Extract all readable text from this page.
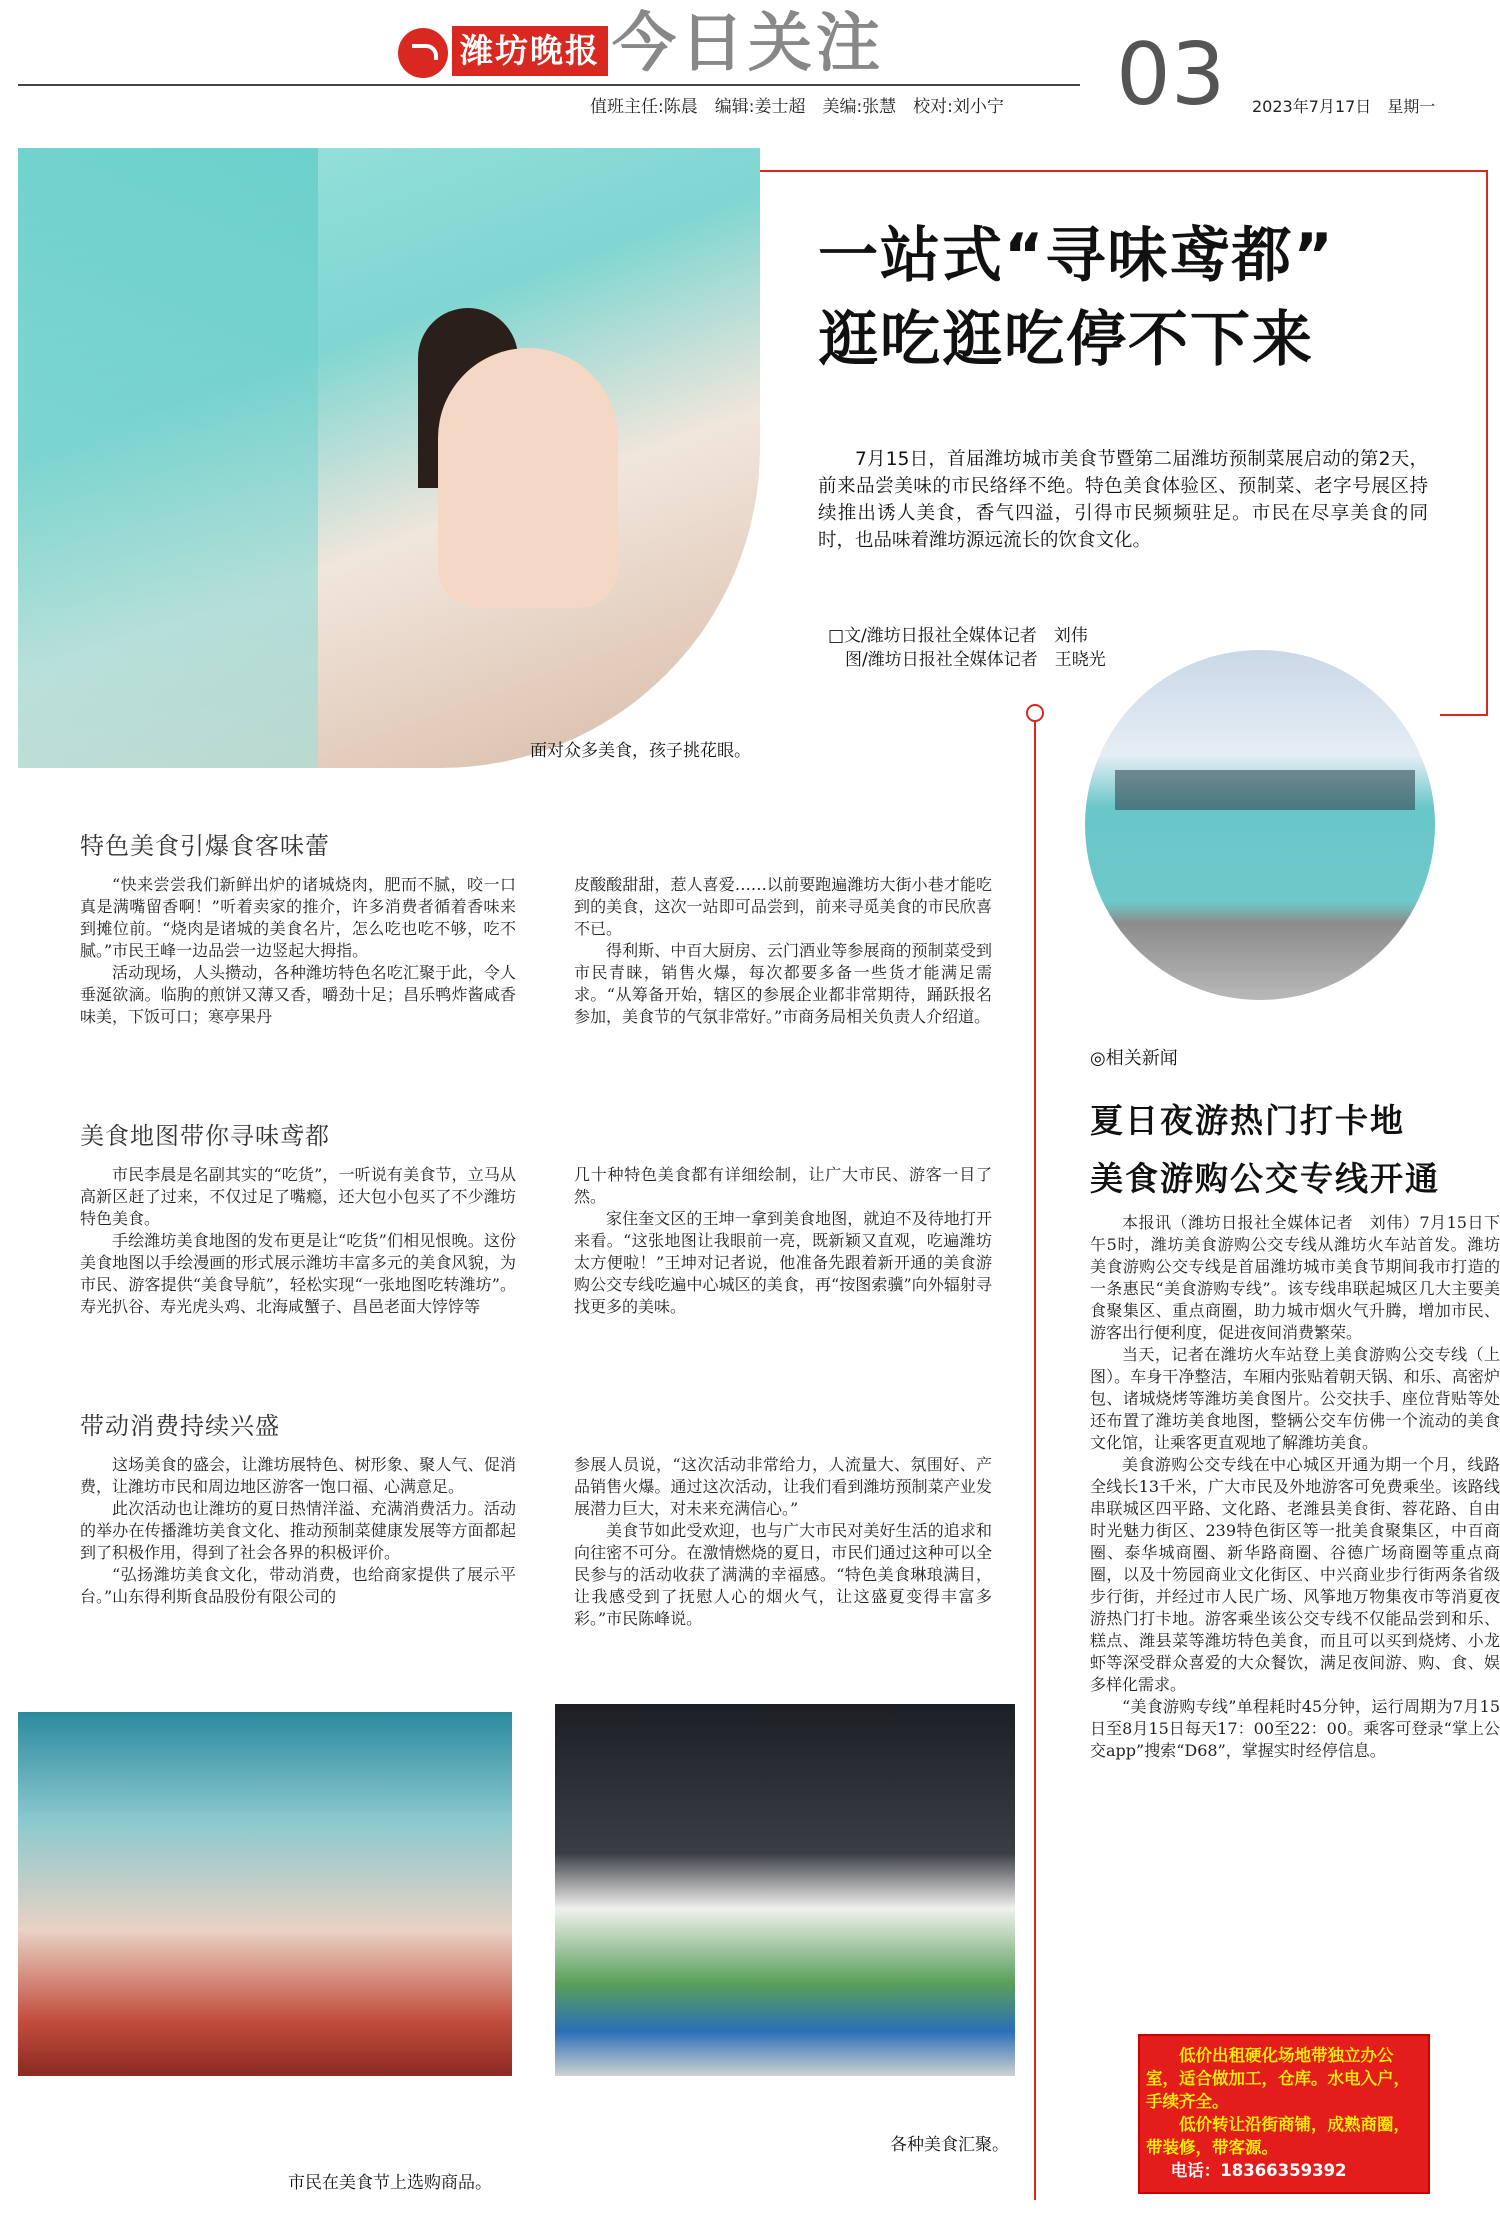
潍坊晚报 今日关注	03
值班主任:陈晨　编辑:姜士超　美编:张慧　校对:刘小宁	2023年7月17日　星期一
面对众多美食，孩子挑花眼。
一站式“寻味鸢都”
逛吃逛吃停不下来
7月15日，首届潍坊城市美食节暨第二届潍坊预制菜展启动的第2天，前来品尝美味的市民络绎不绝。特色美食体验区、预制菜、老字号展区持续推出诱人美食，香气四溢，引得市民频频驻足。市民在尽享美食的同时，也品味着潍坊源远流长的饮食文化。
□文/潍坊日报社全媒体记者　刘伟
　图/潍坊日报社全媒体记者　王晓光
特色美食引爆食客味蕾

“快来尝尝我们新鲜出炉的诸城烧肉，肥而不腻，咬一口真是满嘴留香啊！”听着卖家的推介，许多消费者循着香味来到摊位前。“烧肉是诸城的美食名片，怎么吃也吃不够，吃不腻。”市民王峰一边品尝一边竖起大拇指。

活动现场，人头攒动，各种潍坊特色名吃汇聚于此，令人垂涎欲滴。临朐的煎饼又薄又香，嚼劲十足；昌乐鸭炸酱咸香味美，下饭可口；寒亭果丹

皮酸酸甜甜，惹人喜爱……以前要跑遍潍坊大街小巷才能吃到的美食，这次一站即可品尝到，前来寻觅美食的市民欣喜不已。

得利斯、中百大厨房、云门酒业等参展商的预制菜受到市民青睐，销售火爆，每次都要多备一些货才能满足需求。“从筹备开始，辖区的参展企业都非常期待，踊跃报名参加，美食节的气氛非常好。”市商务局相关负责人介绍道。

美食地图带你寻味鸢都

市民李晨是名副其实的“吃货”，一听说有美食节，立马从高新区赶了过来，不仅过足了嘴瘾，还大包小包买了不少潍坊特色美食。

手绘潍坊美食地图的发布更是让“吃货”们相见恨晚。这份美食地图以手绘漫画的形式展示潍坊丰富多元的美食风貌，为市民、游客提供“美食导航”，轻松实现“一张地图吃转潍坊”。寿光扒谷、寿光虎头鸡、北海咸蟹子、昌邑老面大饽饽等

几十种特色美食都有详细绘制，让广大市民、游客一目了然。

家住奎文区的王坤一拿到美食地图，就迫不及待地打开来看。“这张地图让我眼前一亮，既新颖又直观，吃遍潍坊太方便啦！”王坤对记者说，他准备先跟着新开通的美食游购公交专线吃遍中心城区的美食，再“按图索骥”向外辐射寻找更多的美味。

带动消费持续兴盛

这场美食的盛会，让潍坊展特色、树形象、聚人气、促消费，让潍坊市民和周边地区游客一饱口福、心满意足。

此次活动也让潍坊的夏日热情洋溢、充满消费活力。活动的举办在传播潍坊美食文化、推动预制菜健康发展等方面都起到了积极作用，得到了社会各界的积极评价。

“弘扬潍坊美食文化，带动消费，也给商家提供了展示平台。”山东得利斯食品股份有限公司的

参展人员说，“这次活动非常给力，人流量大、氛围好、产品销售火爆。通过这次活动，让我们看到潍坊预制菜产业发展潜力巨大，对未来充满信心。”

美食节如此受欢迎，也与广大市民对美好生活的追求和向往密不可分。在激情燃烧的夏日，市民们通过这种可以全民参与的活动收获了满满的幸福感。“特色美食琳琅满目，让我感受到了抚慰人心的烟火气，让这盛夏变得丰富多彩。”市民陈峰说。

市民在美食节上选购商品。
各种美食汇聚。
◎相关新闻
夏日夜游热门打卡地
美食游购公交专线开通

本报讯（潍坊日报社全媒体记者　刘伟）7月15日下午5时，潍坊美食游购公交专线从潍坊火车站首发。潍坊美食游购公交专线是首届潍坊城市美食节期间我市打造的一条惠民“美食游购专线”。该专线串联起城区几大主要美食聚集区、重点商圈，助力城市烟火气升腾，增加市民、游客出行便利度，促进夜间消费繁荣。

当天，记者在潍坊火车站登上美食游购公交专线（上图）。车身干净整洁，车厢内张贴着朝天锅、和乐、高密炉包、诸城烧烤等潍坊美食图片。公交扶手、座位背贴等处还布置了潍坊美食地图，整辆公交车仿佛一个流动的美食文化馆，让乘客更直观地了解潍坊美食。

美食游购公交专线在中心城区开通为期一个月，线路全线长13千米，广大市民及外地游客可免费乘坐。该路线串联城区四平路、文化路、老潍县美食街、蓉花路、自由时光魅力街区、239特色街区等一批美食聚集区，中百商圈、泰华城商圈、新华路商圈、谷德广场商圈等重点商圈，以及十笏园商业文化街区、中兴商业步行街两条省级步行街，并经过市人民广场、风筝地万物集夜市等消夏夜游热门打卡地。游客乘坐该公交专线不仅能品尝到和乐、糕点、潍县菜等潍坊特色美食，而且可以买到烧烤、小龙虾等深受群众喜爱的大众餐饮，满足夜间游、购、食、娱多样化需求。

“美食游购专线”单程耗时45分钟，运行周期为7月15日至8月15日每天17：00至22：00。乘客可登录“掌上公交app”搜索“D68”，掌握实时经停信息。

低价出租硬化场地带独立办公室，适合做加工，仓库。水电入户，手续齐全。

低价转让沿街商铺，成熟商圈，带装修，带客源。

电话：18366359392
